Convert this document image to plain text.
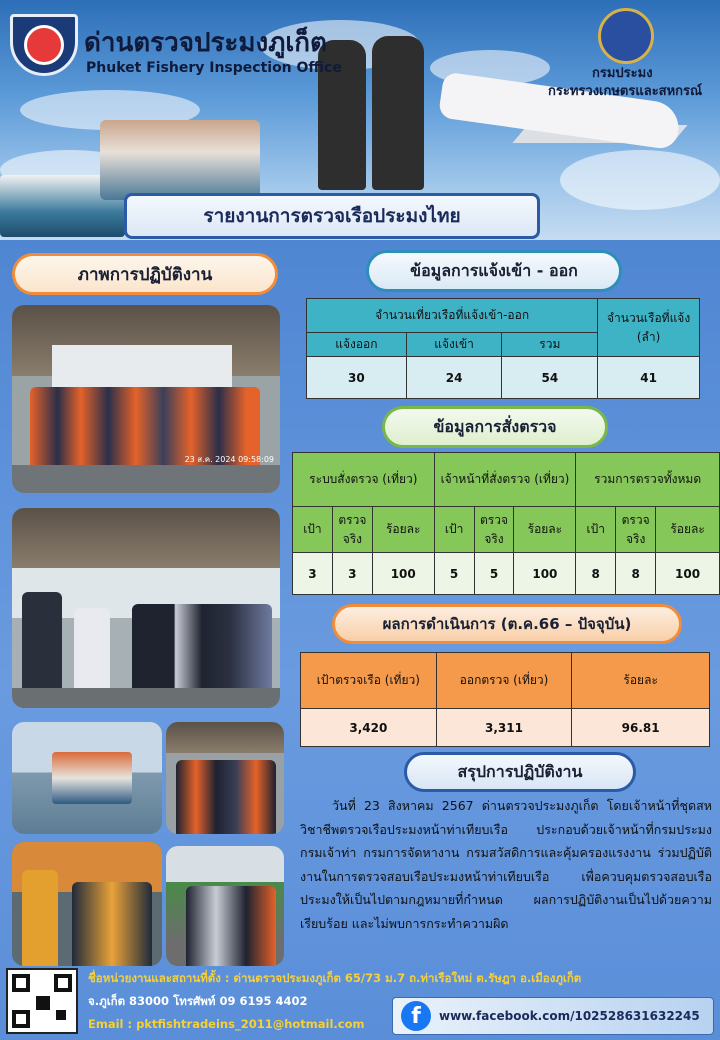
ด่านตรวจประมงภูเก็ต
Phuket Fishery Inspection Office	กรมประมง
กระทรวงเกษตรและสหกรณ์
รายงานการตรวจเรือประมงไทย
ภาพการปฏิบัติงาน
23 ส.ค. 2024 09:58:09
ข้อมูลการแจ้งเข้า - ออก
จำนวนเที่ยวเรือที่แจ้งเข้า-ออก			จำนวนเรือที่แจ้ง (ลำ)
แจ้งออก	แจ้งเข้า	รวม	
30	24	54	41
ข้อมูลการสั่งตรวจ
ระบบสั่งตรวจ (เที่ยว)			เจ้าหน้าที่สั่งตรวจ (เที่ยว)			รวมการตรวจทั้งหมด		
เป้า	ตรวจจริง	ร้อยละ	เป้า	ตรวจจริง	ร้อยละ	เป้า	ตรวจจริง	ร้อยละ
3	3	100	5	5	100	8	8	100
ผลการดำเนินการ (ต.ค.66 – ปัจจุบัน)
เป้าตรวจเรือ (เที่ยว)	ออกตรวจ (เที่ยว)	ร้อยละ
3,420	3,311	96.81
สรุปการปฏิบัติงาน
วันที่ 23 สิงหาคม 2567 ด่านตรวจประมงภูเก็ต โดยเจ้าหน้าที่ชุดสหวิชาชีพตรวจเรือประมงหน้าท่าเทียบเรือ ประกอบด้วยเจ้าหน้าที่กรมประมง กรมเจ้าท่า กรมการจัดหางาน กรมสวัสดิการและคุ้มครองแรงงาน ร่วมปฏิบัติงานในการตรวจสอบเรือประมงหน้าท่าเทียบเรือ เพื่อควบคุมตรวจสอบเรือประมงให้เป็นไปตามกฎหมายที่กำหนด ผลการปฏิบัติงานเป็นไปด้วยความเรียบร้อย และไม่พบการกระทำความผิด
ชื่อหน่วยงานและสถานที่ตั้ง : ด่านตรวจประมงภูเก็ต 65/73 ม.7 ถ.ท่าเรือใหม่ ต.รัษฎา อ.เมืองภูเก็ต
จ.ภูเก็ต 83000 โทรศัพท์ 09 6195 4402
Email : pktfishtradeins_2011@hotmail.com	f	www.facebook.com/102528631632245
